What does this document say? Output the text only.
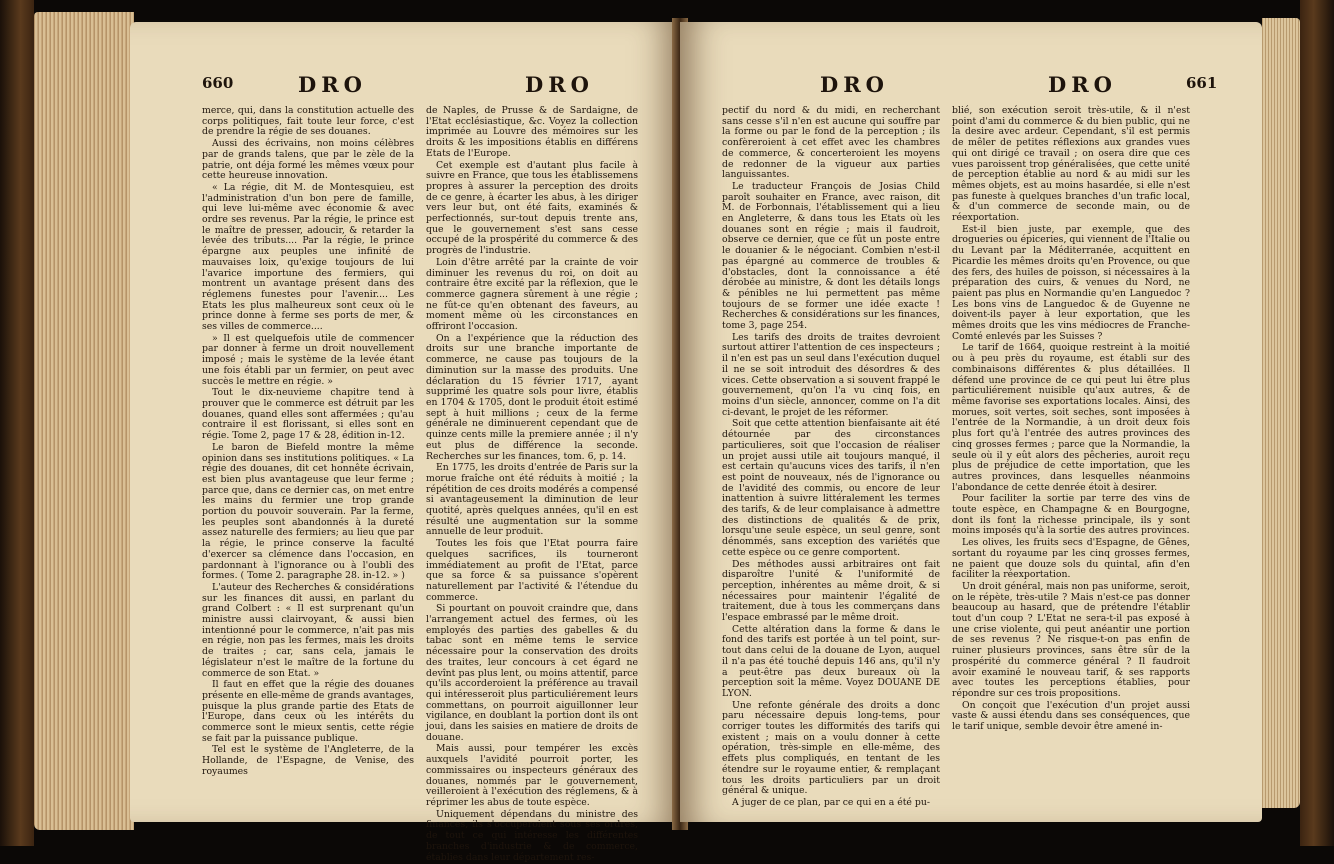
660	DRO	DRO

merce, qui, dans la constitution actuelle des corps politiques, fait toute leur force, c'est de prendre la régie de ses douanes.

Aussi des écrivains, non moins célèbres par de grands talens, que par le zèle de la patrie, ont déja formé les mêmes vœux pour cette heureuse innovation.

« La régie, dit M. de Montesquieu, est l'administration d'un bon pere de famille, qui leve lui-même avec économie & avec ordre ses revenus. Par la régie, le prince est le maître de presser, adoucir, & retarder la levée des tributs.... Par la régie, le prince épargne aux peuples une infinité de mauvaises loix, qu'exige toujours de lui l'avarice importune des fermiers, qui montrent un avantage présent dans des réglemens funestes pour l'avenir.... Les Etats les plus malheureux sont ceux où le prince donne à ferme ses ports de mer, & ses villes de commerce....

» Il est quelquefois utile de commencer par donner à ferme un droit nouvellement imposé ; mais le système de la levée étant une fois établi par un fermier, on peut avec succès le mettre en régie. »

Tout le dix-neuvieme chapitre tend à prouver que le commerce est détruit par les douanes, quand elles sont affermées ; qu'au contraire il est florissant, si elles sont en régie. Tome 2, page 17 & 28, édition in-12.

Le baron de Biefeld montre la même opinion dans ses institutions politiques. « La régie des douanes, dit cet honnête écrivain, est bien plus avantageuse que leur ferme ; parce que, dans ce dernier cas, on met entre les mains du fermier une trop grande portion du pouvoir souverain. Par la ferme, les peuples sont abandonnés à la dureté assez naturelle des fermiers; au lieu que par la régie, le prince conserve la faculté d'exercer sa clémence dans l'occasion, en pardonnant à l'ignorance ou à l'oubli des formes. ( Tome 2. paragraphe 28. in-12. » )

L'auteur des Recherches & considérations sur les finances dit aussi, en parlant du grand Colbert : « Il est surprenant qu'un ministre aussi clairvoyant, & aussi bien intentionné pour le commerce, n'ait pas mis en régie, non pas les fermes, mais les droits de traites ; car, sans cela, jamais le législateur n'est le maître de la fortune du commerce de son Etat. »

Il faut en effet que la régie des douanes présente en elle-même de grands avantages, puisque la plus grande partie des Etats de l'Europe, dans ceux où les intérêts du commerce sont le mieux sentis, cette régie se fait par la puissance publique.

Tel est le système de l'Angleterre, de la Hollande, de l'Espagne, de Venise, des royaumes

de Naples, de Prusse & de Sardaigne, de l'Etat ecclésiastique, &c. Voyez la collection imprimée au Louvre des mémoires sur les droits & les impositions établis en différens Etats de l'Europe.

Cet exemple est d'autant plus facile à suivre en France, que tous les établissemens propres à assurer la perception des droits de ce genre, à écarter les abus, à les diriger vers leur but, ont été faits, examinés & perfectionnés, sur-tout depuis trente ans, que le gouvernement s'est sans cesse occupé de la prospérité du commerce & des progrès de l'industrie.

Loin d'être arrêté par la crainte de voir diminuer les revenus du roi, on doit au contraire être excité par la réflexion, que le commerce gagnera sûrement à une régie ; ne fût-ce qu'en obtenant des faveurs, au moment même où les circonstances en offriront l'occasion.

On a l'expérience que la réduction des droits sur une branche importante de commerce, ne cause pas toujours de la diminution sur la masse des produits. Une déclaration du 15 février 1717, ayant supprimé les quatre sols pour livre, établis en 1704 & 1705, dont le produit étoit estimé sept à huit millions ; ceux de la ferme générale ne diminuerent cependant que de quinze cents mille la premiere année ; il n'y eut plus de différence la seconde. Recherches sur les finances, tom. 6, p. 14.

En 1775, les droits d'entrée de Paris sur la morue fraîche ont été réduits à moitié ; la répétition de ces droits modérés a compensé si avantageusement la diminution de leur quotité, après quelques années, qu'il en est résulté une augmentation sur la somme annuelle de leur produit.

Toutes les fois que l'Etat pourra faire quelques sacrifices, ils tourneront immédiatement au profit de l'Etat, parce que sa force & sa puissance s'opèrent naturellement par l'activité & l'étendue du commerce.

Si pourtant on pouvoit craindre que, dans l'arrangement actuel des fermes, où les employés des parties des gabelles & du tabac sont en même tems le service nécessaire pour la conservation des droits des traites, leur concours à cet égard ne devînt pas plus lent, ou moins attentif, parce qu'ils accorderoient la préférence au travail qui intéresseroit plus particuliérement leurs commettans, on pourroit aiguillonner leur vigilance, en doublant la portion dont ils ont joui, dans les saisies en matiere de droits de douane.

Mais aussi, pour tempérer les excès auxquels l'avidité pourroit porter, les commissaires ou inspecteurs généraux des douanes, nommés par le gouvernement, veilleroient à l'exécution des réglemens, & à réprimer les abus de toute espèce.

Uniquement dépendans du ministre des finances, ils s'occuperoient sous ses ordres, de tout ce qui intéresse les différentes branches d'industrie & de commerce, établies dans leur département res-

DRO	DRO	661

pectif du nord & du midi, en recherchant sans cesse s'il n'en est aucune qui souffre par la forme ou par le fond de la perception ; ils confèreroient à cet effet avec les chambres de commerce, & concerteroient les moyens de redonner de la vigueur aux parties languissantes.

Le traducteur François de Josias Child paroît souhaiter en France, avec raison, dit M. de Forbonnais, l'établissement qui a lieu en Angleterre, & dans tous les Etats où les douanes sont en régie ; mais il faudroit, observe ce dernier, que ce fût un poste entre le douanier & le négociant. Combien n'est-il pas épargné au commerce de troubles & d'obstacles, dont la connoissance a été dérobée au ministre, & dont les détails longs & pénibles ne lui permettent pas même toujours de se former une idée exacte ! Recherches & considérations sur les finances, tome 3, page 254.

Les tarifs des droits de traites devroient surtout attirer l'attention de ces inspecteurs ; il n'en est pas un seul dans l'exécution duquel il ne se soit introduit des désordres & des vices. Cette observation a si souvent frappé le gouvernement, qu'on l'a vu cinq fois, en moins d'un siècle, annoncer, comme on l'a dit ci-devant, le projet de les réformer.

Soit que cette attention bienfaisante ait été détournée par des circonstances particulieres, soit que l'occasion de réaliser un projet aussi utile ait toujours manqué, il est certain qu'aucuns vices des tarifs, il n'en est point de nouveaux, nés de l'ignorance ou de l'avidité des commis, ou encore de leur inattention à suivre littéralement les termes des tarifs, & de leur complaisance à admettre des distinctions de qualités & de prix, lorsqu'une seule espèce, un seul genre, sont dénommés, sans exception des variétés que cette espèce ou ce genre comportent.

Des méthodes aussi arbitraires ont fait disparoître l'unité & l'uniformité de perception, inhérentes au même droit, & si nécessaires pour maintenir l'égalité de traitement, due à tous les commerçans dans l'espace embrassé par le même droit.

Cette altération dans la forme & dans le fond des tarifs est portée à un tel point, sur-tout dans celui de la douane de Lyon, auquel il n'a pas été touché depuis 146 ans, qu'il n'y a peut-être pas deux bureaux où la perception soit la même. Voyez DOUANE DE LYON.

Une refonte générale des droits a donc paru nécessaire depuis long-tems, pour corriger toutes les difformités des tarifs qui existent ; mais on a voulu donner à cette opération, très-simple en elle-même, des effets plus compliqués, en tentant de les étendre sur le royaume entier, & remplaçant tous les droits particuliers par un droit général & unique.

A juger de ce plan, par ce qui en a été pu-

blié, son exécution seroit très-utile, & il n'est point d'ami du commerce & du bien public, qui ne la desire avec ardeur. Cependant, s'il est permis de mêler de petites réflexions aux grandes vues qui ont dirigé ce travail ; on osera dire que ces vues paroissent trop généralisées, que cette unité de perception établie au nord & au midi sur les mêmes objets, est au moins hasardée, si elle n'est pas funeste à quelques branches d'un trafic local, & d'un commerce de seconde main, ou de réexportation.

Est-il bien juste, par exemple, que des drogueries ou épiceries, qui viennent de l'Italie ou du Levant par la Méditerranée, acquittent en Picardie les mêmes droits qu'en Provence, ou que des fers, des huiles de poisson, si nécessaires à la préparation des cuirs, & venues du Nord, ne paient pas plus en Normandie qu'en Languedoc ? Les bons vins de Languedoc & de Guyenne ne doivent-ils payer à leur exportation, que les mêmes droits que les vins médiocres de Franche-Comté enlevés par les Suisses ?

Le tarif de 1664, quoique restreint à la moitié ou à peu près du royaume, est établi sur des combinaisons différentes & plus détaillées. Il défend une province de ce qui peut lui être plus particuliérement nuisible qu'aux autres, & de même favorise ses exportations locales. Ainsi, des morues, soit vertes, soit seches, sont imposées à l'entrée de la Normandie, à un droit deux fois plus fort qu'à l'entrée des autres provinces des cinq grosses fermes ; parce que la Normandie, la seule où il y eût alors des pêcheries, auroit reçu plus de préjudice de cette importation, que les autres provinces, dans lesquelles néanmoins l'abondance de cette denrée étoit à desirer.

Pour faciliter la sortie par terre des vins de toute espèce, en Champagne & en Bourgogne, dont ils font la richesse principale, ils y sont moins imposés qu'à la sortie des autres provinces.

Les olives, les fruits secs d'Espagne, de Gênes, sortant du royaume par les cinq grosses fermes, ne paient que douze sols du quintal, afin d'en faciliter la réexportation.

Un droit général, mais non pas uniforme, seroit, on le répète, très-utile ? Mais n'est-ce pas donner beaucoup au hasard, que de prétendre l'établir tout d'un coup ? L'Etat ne sera-t-il pas exposé à une crise violente, qui peut anéantir une portion de ses revenus ? Ne risque-t-on pas enfin de ruiner plusieurs provinces, sans être sûr de la prospérité du commerce général ? Il faudroit avoir examiné le nouveau tarif, & ses rapports avec toutes les perceptions établies, pour répondre sur ces trois propositions.

On conçoit que l'exécution d'un projet aussi vaste & aussi étendu dans ses conséquences, que le tarif unique, semble devoir être amené in-
